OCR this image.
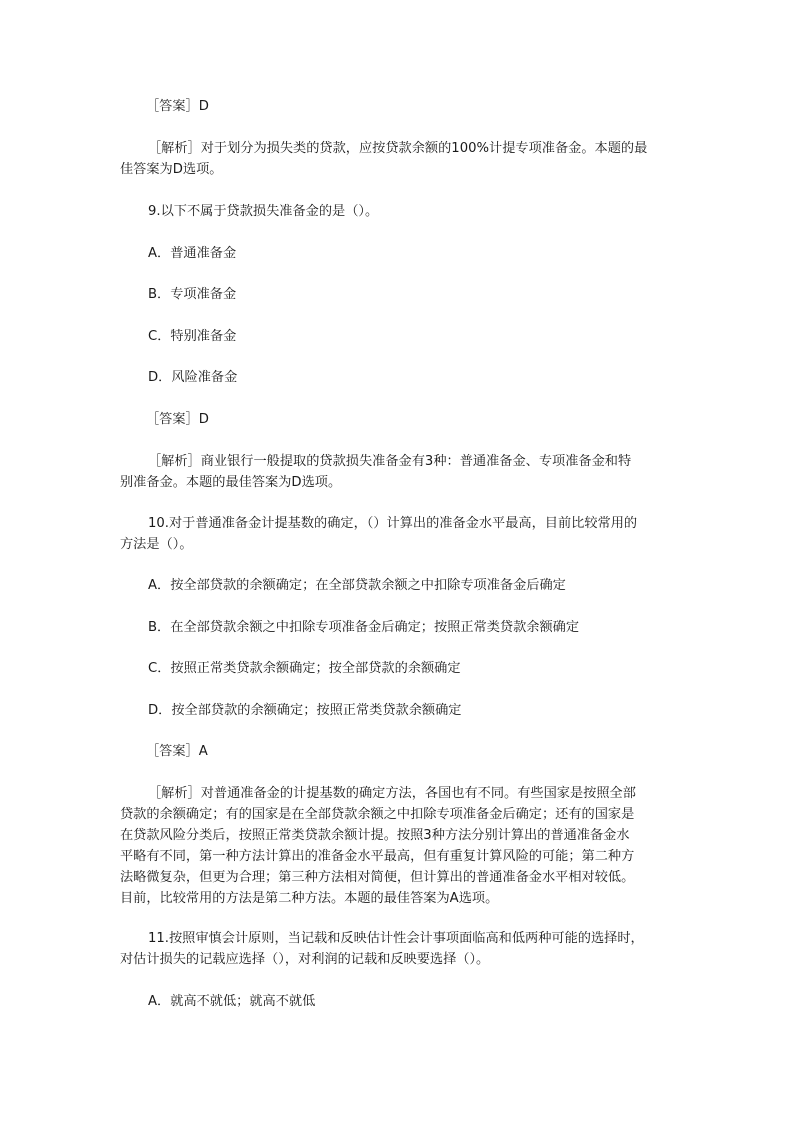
［答案］D

［解析］对于划分为损失类的贷款，应按贷款余额的100%计提专项准备金。本题的最
佳答案为D选项。

9.以下不属于贷款损失准备金的是（）。

A．普通准备金

B．专项准备金

C．特别准备金

D．风险准备金

［答案］D

［解析］商业银行一般提取的贷款损失准备金有3种：普通准备金、专项准备金和特
别准备金。本题的最佳答案为D选项。

10.对于普通准备金计提基数的确定，（）计算出的准备金水平最高，目前比较常用的
方法是（）。

A．按全部贷款的余额确定；在全部贷款余额之中扣除专项准备金后确定

B．在全部贷款余额之中扣除专项准备金后确定；按照正常类贷款余额确定

C．按照正常类贷款余额确定；按全部贷款的余额确定

D．按全部贷款的余额确定；按照正常类贷款余额确定

［答案］A

［解析］对普通准备金的计提基数的确定方法，各国也有不同。有些国家是按照全部
贷款的余额确定；有的国家是在全部贷款余额之中扣除专项准备金后确定；还有的国家是
在贷款风险分类后，按照正常类贷款余额计提。按照3种方法分别计算出的普通准备金水
平略有不同，第一种方法计算出的准备金水平最高，但有重复计算风险的可能；第二种方
法略微复杂，但更为合理；第三种方法相对简便，但计算出的普通准备金水平相对较低。
目前，比较常用的方法是第二种方法。本题的最佳答案为A选项。

11.按照审慎会计原则，当记载和反映估计性会计事项面临高和低两种可能的选择时，
对估计损失的记载应选择（），对利润的记载和反映要选择（）。

A．就高不就低；就高不就低
